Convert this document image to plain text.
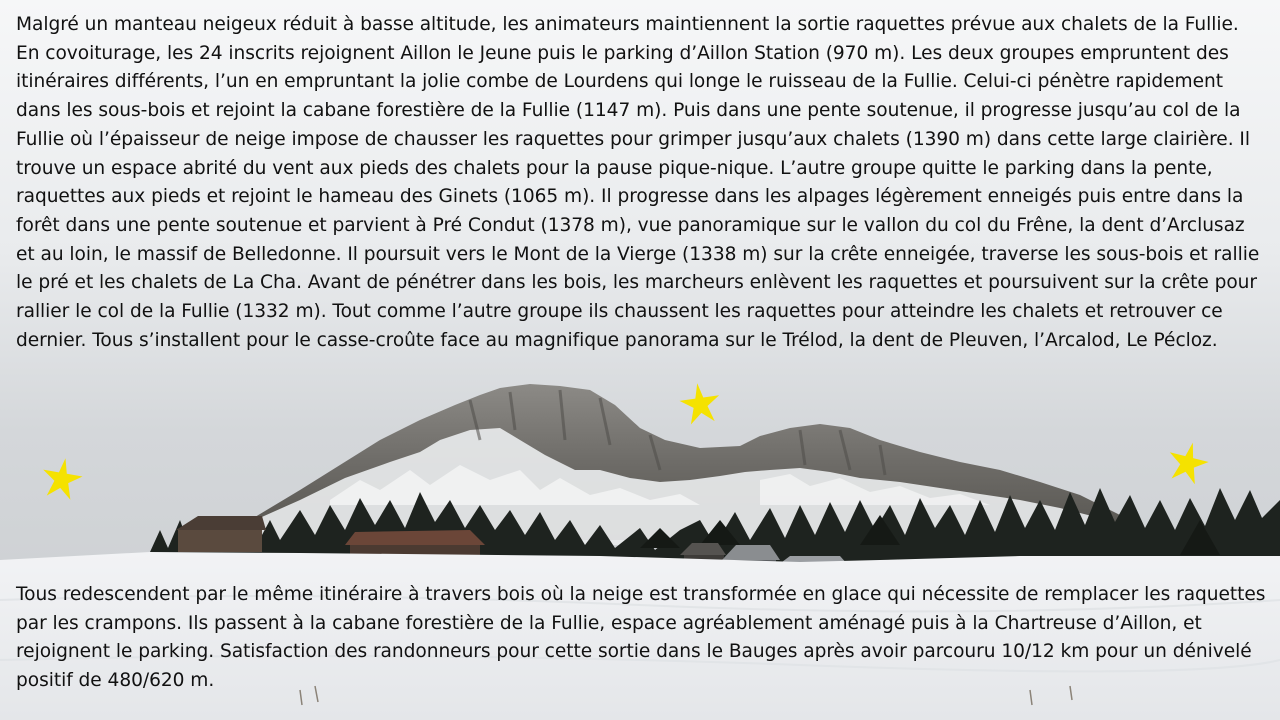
Malgré un manteau neigeux réduit à basse altitude, les animateurs maintiennent la sortie raquettes prévue aux chalets de la Fullie. En covoiturage, les 24 inscrits rejoignent Aillon le Jeune puis le parking d’Aillon Station (970 m). Les deux groupes empruntent des itinéraires différents, l’un en empruntant la jolie combe de Lourdens qui longe le ruisseau de la Fullie. Celui-ci pénètre rapidement dans les sous-bois et rejoint la cabane forestière de la Fullie (1147 m). Puis dans une pente soutenue, il progresse jusqu’au col de la Fullie où l’épaisseur de neige impose de chausser les raquettes pour grimper jusqu’aux chalets (1390 m) dans cette large clairière. Il trouve un espace abrité du vent aux pieds des chalets pour la pause pique-nique. L’autre groupe quitte le parking dans la pente, raquettes aux pieds et rejoint le hameau des Ginets (1065 m). Il progresse dans les alpages légèrement enneigés puis entre dans la forêt dans une pente soutenue et parvient à Pré Condut (1378 m), vue panoramique sur le vallon du col du Frêne, la dent d’Arclusaz et au loin, le massif de Belledonne. Il poursuit vers le Mont de la Vierge (1338 m) sur la crête enneigée, traverse les sous-bois et rallie le pré et les chalets de La Cha. Avant de pénétrer dans les bois, les marcheurs enlèvent les raquettes et poursuivent sur la crête pour rallier le col de la Fullie (1332 m). Tout comme l’autre groupe ils chaussent les raquettes pour atteindre les chalets et retrouver ce dernier. Tous s’installent pour le casse-croûte face au magnifique panorama sur le Trélod, la dent de Pleuven, l’Arcalod, Le Pécloz.

Tous redescendent par le même itinéraire à travers bois où la neige est transformée en glace qui nécessite de remplacer les raquettes par les crampons. Ils passent à la cabane forestière de la Fullie, espace agréablement aménagé puis à la Chartreuse d’Aillon, et rejoignent le parking. Satisfaction des randonneurs pour cette sortie dans le Bauges après avoir parcouru 10/12 km pour un dénivelé positif de 480/620 m.
